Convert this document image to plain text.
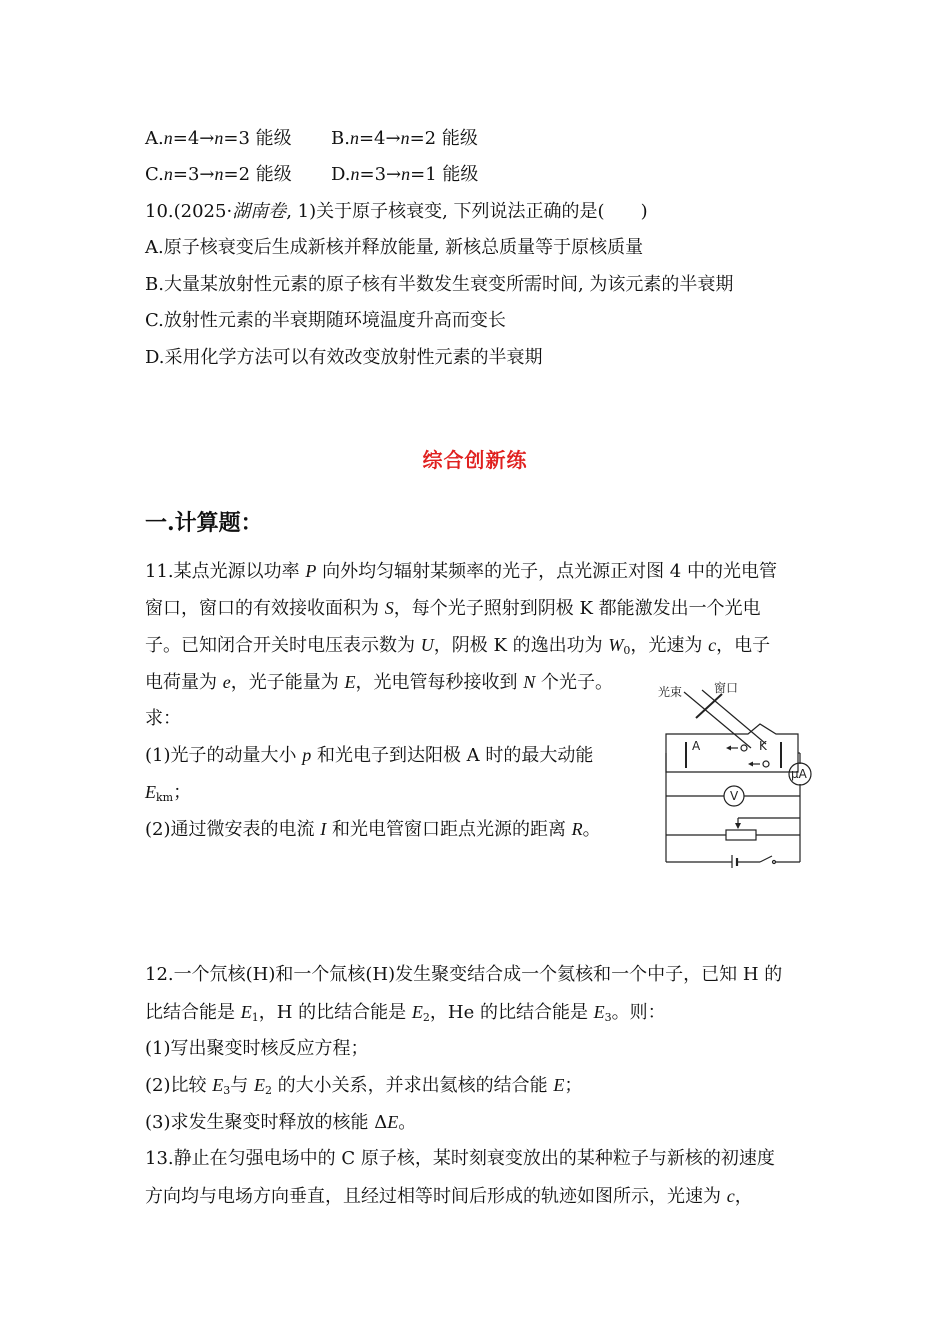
A.n=4→n=3 能级 B.n=4→n=2 能级
C.n=3→n=2 能级 D.n=3→n=1 能级
10.(2025·湖南卷, 1)关于原子核衰变, 下列说法正确的是(　　)
A.原子核衰变后生成新核并释放能量, 新核总质量等于原核质量
B.大量某放射性元素的原子核有半数发生衰变所需时间, 为该元素的半衰期
C.放射性元素的半衰期随环境温度升高而变长
D.采用化学方法可以有效改变放射性元素的半衰期
综合创新练
一.计算题：
11.某点光源以功率 P 向外均匀辐射某频率的光子，点光源正对图 4 中的光电管
窗口，窗口的有效接收面积为 S，每个光子照射到阴极 K 都能激发出一个光电
子。已知闭合开关时电压表示数为 U，阴极 K 的逸出功为 $W_0$，光速为 c，电子
电荷量为 e，光子能量为 E，光电管每秒接收到 N 个光子。
求：
(1)光子的动量大小 p 和光电子到达阳极 A 时的最大动能
$E_{km}$；
(2)通过微安表的电流 I 和光电管窗口距点光源的距离 R。
光束	窗口
A	K
μA
V
12.一个氘核(H)和一个氚核(H)发生聚变结合成一个氦核和一个中子，已知 H 的
比结合能是 $E_1$，H 的比结合能是 $E_2$，He 的比结合能是 $E_3$。则：
(1)写出聚变时核反应方程；
(2)比较 $E_3$与 $E_2$ 的大小关系，并求出氦核的结合能 E；
(3)求发生聚变时释放的核能 ΔE。
13.静止在匀强电场中的 C 原子核，某时刻衰变放出的某种粒子与新核的初速度
方向均与电场方向垂直，且经过相等时间后形成的轨迹如图所示，光速为 c，
